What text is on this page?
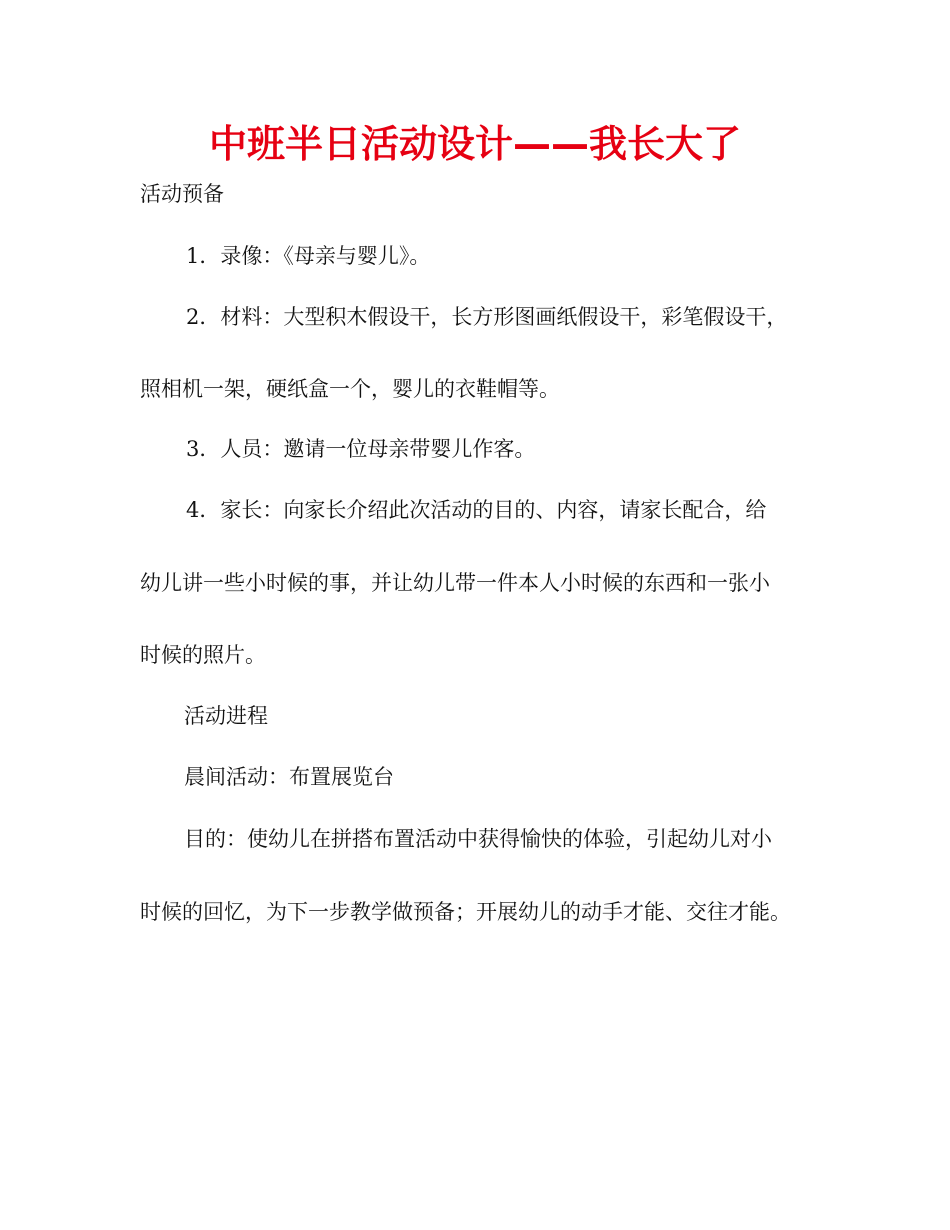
中班半日活动设计——我长大了

活动预备

1．录像：《母亲与婴儿》。

2．材料：大型积木假设干，长方形图画纸假设干，彩笔假设干，

照相机一架，硬纸盒一个，婴儿的衣鞋帽等。

3．人员：邀请一位母亲带婴儿作客。

4．家长：向家长介绍此次活动的目的、内容，请家长配合，给

幼儿讲一些小时候的事，并让幼儿带一件本人小时候的东西和一张小

时候的照片。

活动进程

晨间活动：布置展览台

目的：使幼儿在拼搭布置活动中获得愉快的体验，引起幼儿对小

时候的回忆，为下一步教学做预备；开展幼儿的动手才能、交往才能。
